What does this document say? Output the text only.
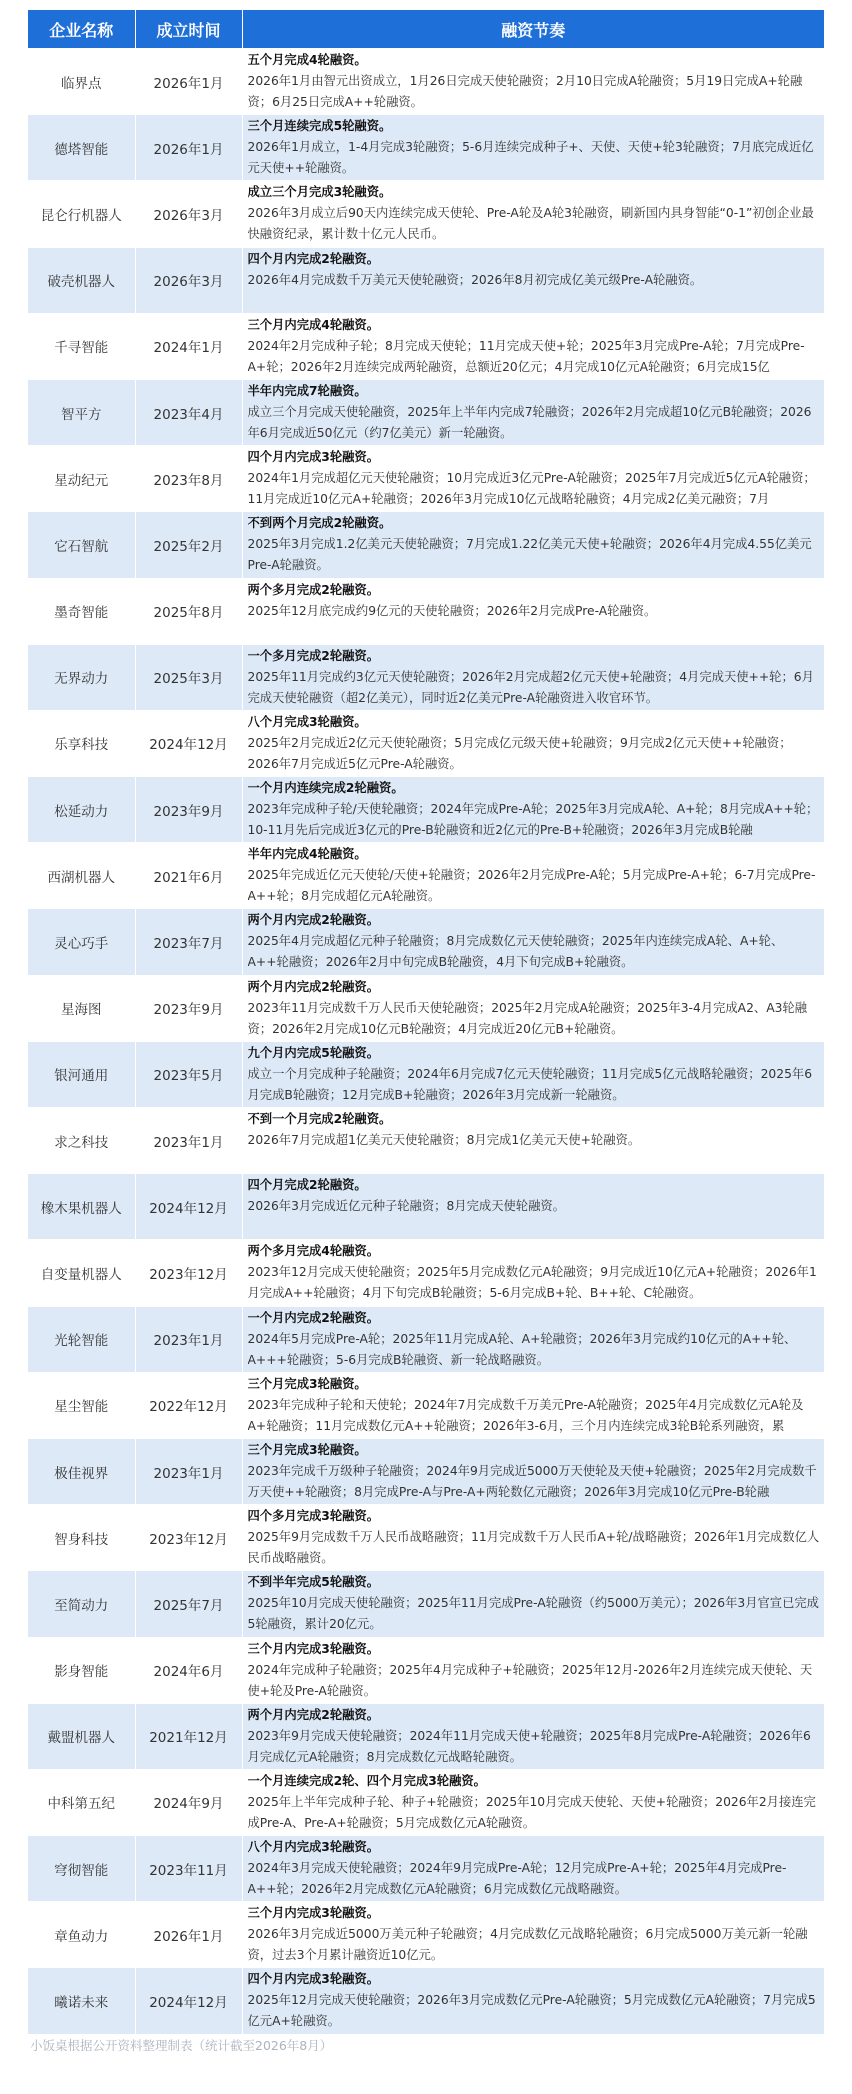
企业名称	成立时间	融资节奏
临界点	2026年1月	五个月完成4轮融资。
2026年1月由智元出资成立，1月26日完成天使轮融资；2月10日完成A轮融资；5月19日完成A+轮融资；6月25日完成A++轮融资。

德塔智能	2026年1月	三个月连续完成5轮融资。
2026年1月成立，1-4月完成3轮融资；5-6月连续完成种子+、天使、天使+轮3轮融资；7月底完成近亿元天使++轮融资。

昆仑行机器人	2026年3月	成立三个月完成3轮融资。
2026年3月成立后90天内连续完成天使轮、Pre-A轮及A轮3轮融资，刷新国内具身智能“0-1”初创企业最快融资纪录，累计数十亿元人民币。

破壳机器人	2026年3月	四个月内完成2轮融资。
2026年4月完成数千万美元天使轮融资；2026年8月初完成亿美元级Pre-A轮融资。

千寻智能	2024年1月	三个月内完成4轮融资。
2024年2月完成种子轮；8月完成天使轮；11月完成天使+轮；2025年3月完成Pre-A轮；7月完成Pre-A+轮；2026年2月连续完成两轮融资，总额近20亿元；4月完成10亿元A轮融资；6月完成15亿

智平方	2023年4月	半年内完成7轮融资。
成立三个月完成天使轮融资，2025年上半年内完成7轮融资；2026年2月完成超10亿元B轮融资；2026年6月完成近50亿元（约7亿美元）新一轮融资。

星动纪元	2023年8月	四个月内完成3轮融资。
2024年1月完成超亿元天使轮融资；10月完成近3亿元Pre-A轮融资；2025年7月完成近5亿元A轮融资；11月完成近10亿元A+轮融资；2026年3月完成10亿元战略轮融资；4月完成2亿美元融资；7月

它石智航	2025年2月	不到两个月完成2轮融资。
2025年3月完成1.2亿美元天使轮融资；7月完成1.22亿美元天使+轮融资；2026年4月完成4.55亿美元Pre-A轮融资。

墨奇智能	2025年8月	两个多月完成2轮融资。
2025年12月底完成约9亿元的天使轮融资；2026年2月完成Pre-A轮融资。

无界动力	2025年3月	一个多月完成2轮融资。
2025年11月完成约3亿元天使轮融资；2026年2月完成超2亿元天使+轮融资；4月完成天使++轮；6月完成天使轮融资（超2亿美元），同时近2亿美元Pre-A轮融资进入收官环节。

乐享科技	2024年12月	八个月完成3轮融资。
2025年2月完成近2亿元天使轮融资；5月完成亿元级天使+轮融资；9月完成2亿元天使++轮融资；2026年7月完成近5亿元Pre-A轮融资。

松延动力	2023年9月	一个月内连续完成2轮融资。
2023年完成种子轮/天使轮融资；2024年完成Pre-A轮；2025年3月完成A轮、A+轮；8月完成A++轮；10-11月先后完成近3亿元的Pre-B轮融资和近2亿元的Pre-B+轮融资；2026年3月完成B轮融

西湖机器人	2021年6月	半年内完成4轮融资。
2025年完成近亿元天使轮/天使+轮融资；2026年2月完成Pre-A轮；5月完成Pre-A+轮；6-7月完成Pre-A++轮；8月完成超亿元A轮融资。

灵心巧手	2023年7月	两个月内完成2轮融资。
2025年4月完成超亿元种子轮融资；8月完成数亿元天使轮融资；2025年内连续完成A轮、A+轮、A++轮融资；2026年2月中旬完成B轮融资，4月下旬完成B+轮融资。

星海图	2023年9月	两个月内完成2轮融资。
2023年11月完成数千万人民币天使轮融资；2025年2月完成A轮融资；2025年3-4月完成A2、A3轮融资；2026年2月完成10亿元B轮融资；4月完成近20亿元B+轮融资。

银河通用	2023年5月	九个月内完成5轮融资。
成立一个月完成种子轮融资；2024年6月完成7亿元天使轮融资；11月完成5亿元战略轮融资；2025年6月完成B轮融资；12月完成B+轮融资；2026年3月完成新一轮融资。

求之科技	2023年1月	不到一个月完成2轮融资。
2026年7月完成超1亿美元天使轮融资；8月完成1亿美元天使+轮融资。

橡木果机器人	2024年12月	四个月完成2轮融资。
2026年3月完成近亿元种子轮融资；8月完成天使轮融资。

自变量机器人	2023年12月	两个多月完成4轮融资。
2023年12月完成天使轮融资；2025年5月完成数亿元A轮融资；9月完成近10亿元A+轮融资；2026年1月完成A++轮融资；4月下旬完成B轮融资；5-6月完成B+轮、B++轮、C轮融资。

光轮智能	2023年1月	一个月内完成2轮融资。
2024年5月完成Pre-A轮；2025年11月完成A轮、A+轮融资；2026年3月完成约10亿元的A++轮、A+++轮融资；5-6月完成B轮融资、新一轮战略融资。

星尘智能	2022年12月	三个月完成3轮融资。
2023年完成种子轮和天使轮；2024年7月完成数千万美元Pre-A轮融资；2025年4月完成数亿元A轮及A+轮融资；11月完成数亿元A++轮融资；2026年3-6月，三个月内连续完成3轮B轮系列融资，累

极佳视界	2023年1月	三个月完成3轮融资。
2023年完成千万级种子轮融资；2024年9月完成近5000万天使轮及天使+轮融资；2025年2月完成数千万天使++轮融资；8月完成Pre-A与Pre-A+两轮数亿元融资；2026年3月完成10亿元Pre-B轮融

智身科技	2023年12月	四个多月完成3轮融资。
2025年9月完成数千万人民币战略融资；11月完成数千万人民币A+轮/战略融资；2026年1月完成数亿人民币战略融资。

至简动力	2025年7月	不到半年完成5轮融资。
2025年10月完成天使轮融资；2025年11月完成Pre-A轮融资（约5000万美元）；2026年3月官宣已完成5轮融资，累计20亿元。

影身智能	2024年6月	三个月内完成3轮融资。
2024年完成种子轮融资；2025年4月完成种子+轮融资；2025年12月-2026年2月连续完成天使轮、天使+轮及Pre-A轮融资。

戴盟机器人	2021年12月	两个月内完成2轮融资。
2023年9月完成天使轮融资；2024年11月完成天使+轮融资；2025年8月完成Pre-A轮融资；2026年6月完成亿元A轮融资；8月完成数亿元战略轮融资。

中科第五纪	2024年9月	一个月连续完成2轮、四个月完成3轮融资。
2025年上半年完成种子轮、种子+轮融资；2025年10月完成天使轮、天使+轮融资；2026年2月接连完成Pre-A、Pre-A+轮融资；5月完成数亿元A轮融资。

穹彻智能	2023年11月	八个月内完成3轮融资。
2024年3月完成天使轮融资；2024年9月完成Pre-A轮；12月完成Pre-A+轮；2025年4月完成Pre-A++轮；2026年2月完成数亿元A轮融资；6月完成数亿元战略融资。

章鱼动力	2026年1月	三个月内完成3轮融资。
2026年3月完成近5000万美元种子轮融资；4月完成数亿元战略轮融资；6月完成5000万美元新一轮融资，过去3个月累计融资近10亿元。

曦诺未来	2024年12月	四个月内完成3轮融资。
2025年12月完成天使轮融资；2026年3月完成数亿元Pre-A轮融资；5月完成数亿元A轮融资；7月完成5亿元A+轮融资。
小饭桌根据公开资料整理制表（统计截至2026年8月）
